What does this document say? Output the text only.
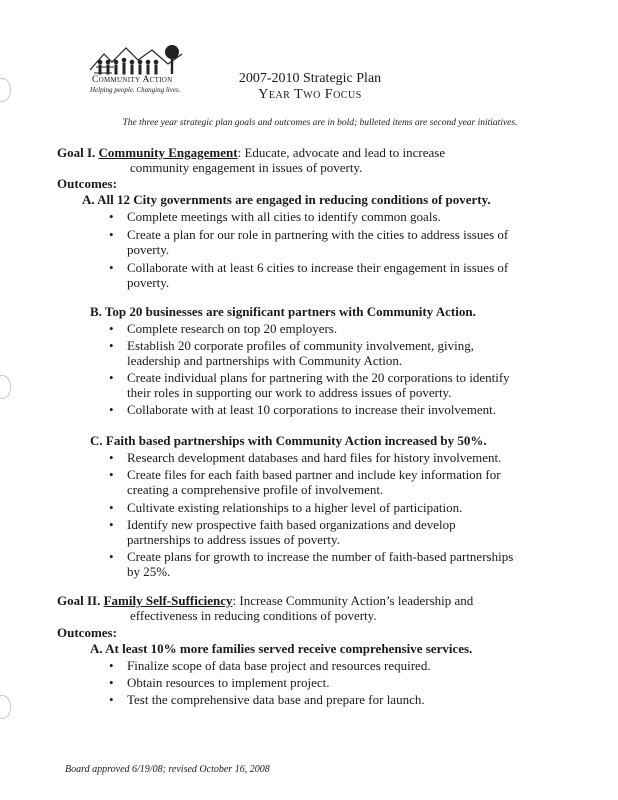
Community Action
Helping people. Changing lives.
2007-2010 Strategic Plan
Year Two Focus
The three year strategic plan goals and outcomes are in bold; bulleted items are second year initiatives.
Goal I. Community Engagement: Educate, advocate and lead to increase
community engagement in issues of poverty.
Outcomes:
A. All 12 City governments are engaged in reducing conditions of poverty.
• Complete meetings with all cities to identify common goals.
• Create a plan for our role in partnering with the cities to address issues of
poverty.
• Collaborate with at least 6 cities to increase their engagement in issues of
poverty.
B. Top 20 businesses are significant partners with Community Action.
• Complete research on top 20 employers.
• Establish 20 corporate profiles of community involvement, giving,
leadership and partnerships with Community Action.
• Create individual plans for partnering with the 20 corporations to identify
their roles in supporting our work to address issues of poverty.
• Collaborate with at least 10 corporations to increase their involvement.
C. Faith based partnerships with Community Action increased by 50%.
• Research development databases and hard files for history involvement.
• Create files for each faith based partner and include key information for
creating a comprehensive profile of involvement.
• Cultivate existing relationships to a higher level of participation.
• Identify new prospective faith based organizations and develop
partnerships to address issues of poverty.
• Create plans for growth to increase the number of faith-based partnerships
by 25%.
Goal II. Family Self-Sufficiency: Increase Community Action’s leadership and
effectiveness in reducing conditions of poverty.
Outcomes:
A. At least 10% more families served receive comprehensive services.
• Finalize scope of data base project and resources required.
• Obtain resources to implement project.
• Test the comprehensive data base and prepare for launch.
Board approved 6/19/08; revised October 16, 2008
